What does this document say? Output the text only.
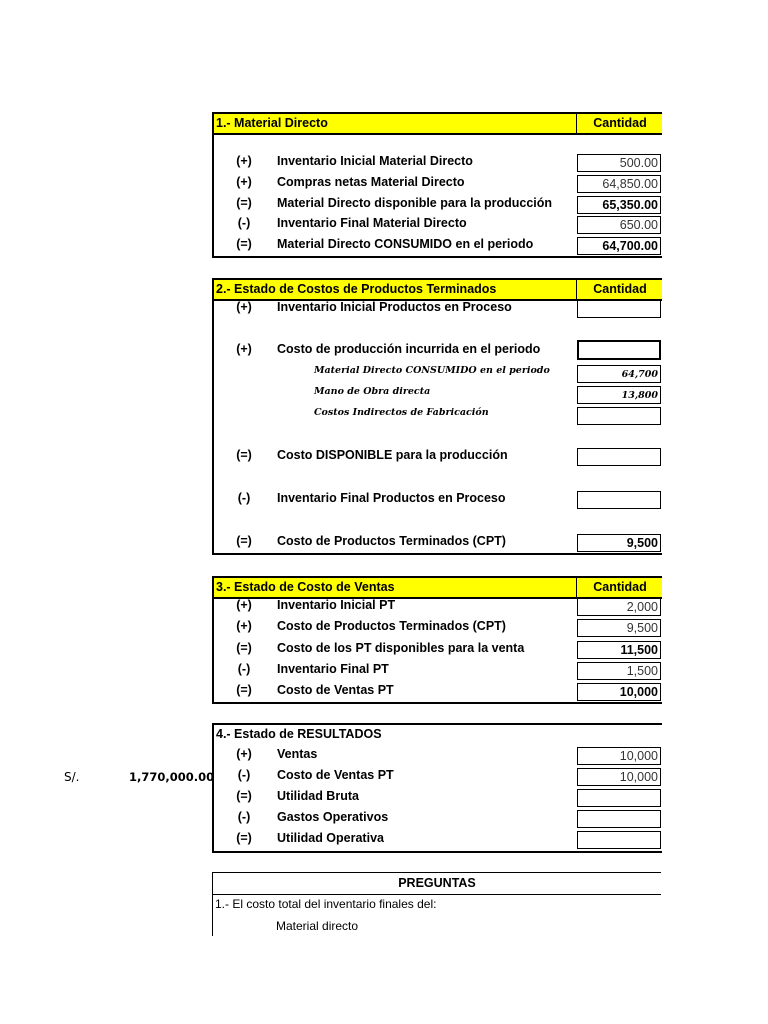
1.- Material Directo	Cantidad
(+)	Inventario Inicial Material Directo	500.00
(+)	Compras netas Material Directo	64,850.00
(=)	Material Directo disponible para la producción	65,350.00
(-)	Inventario Final Material Directo	650.00
(=)	Material Directo CONSUMIDO en el periodo	64,700.00
2.- Estado de Costos de Productos Terminados	Cantidad
(+)	Inventario Inicial Productos en Proceso
(+)	Costo de producción incurrida en el periodo
Material Directo CONSUMIDO en el periodo	64,700
Mano de Obra directa	13,800
Costos Indirectos de Fabricación
(=)	Costo DISPONIBLE para la producción
(-)	Inventario Final Productos en Proceso
(=)	Costo de Productos Terminados (CPT)	9,500
3.- Estado de Costo de Ventas	Cantidad
(+)	Inventario Inicial PT	2,000
(+)	Costo de Productos Terminados (CPT)	9,500
(=)	Costo de los PT disponibles para la venta	11,500
(-)	Inventario Final PT	1,500
(=)	Costo de Ventas PT	10,000
4.- Estado de RESULTADOS
(+)	Ventas	10,000
(-)	Costo de Ventas PT	10,000
(=)	Utilidad Bruta
(-)	Gastos Operativos
(=)	Utilidad Operativa
S/.	1,770,000.00
PREGUNTAS
1.- El costo total del inventario finales del:
Material directo
